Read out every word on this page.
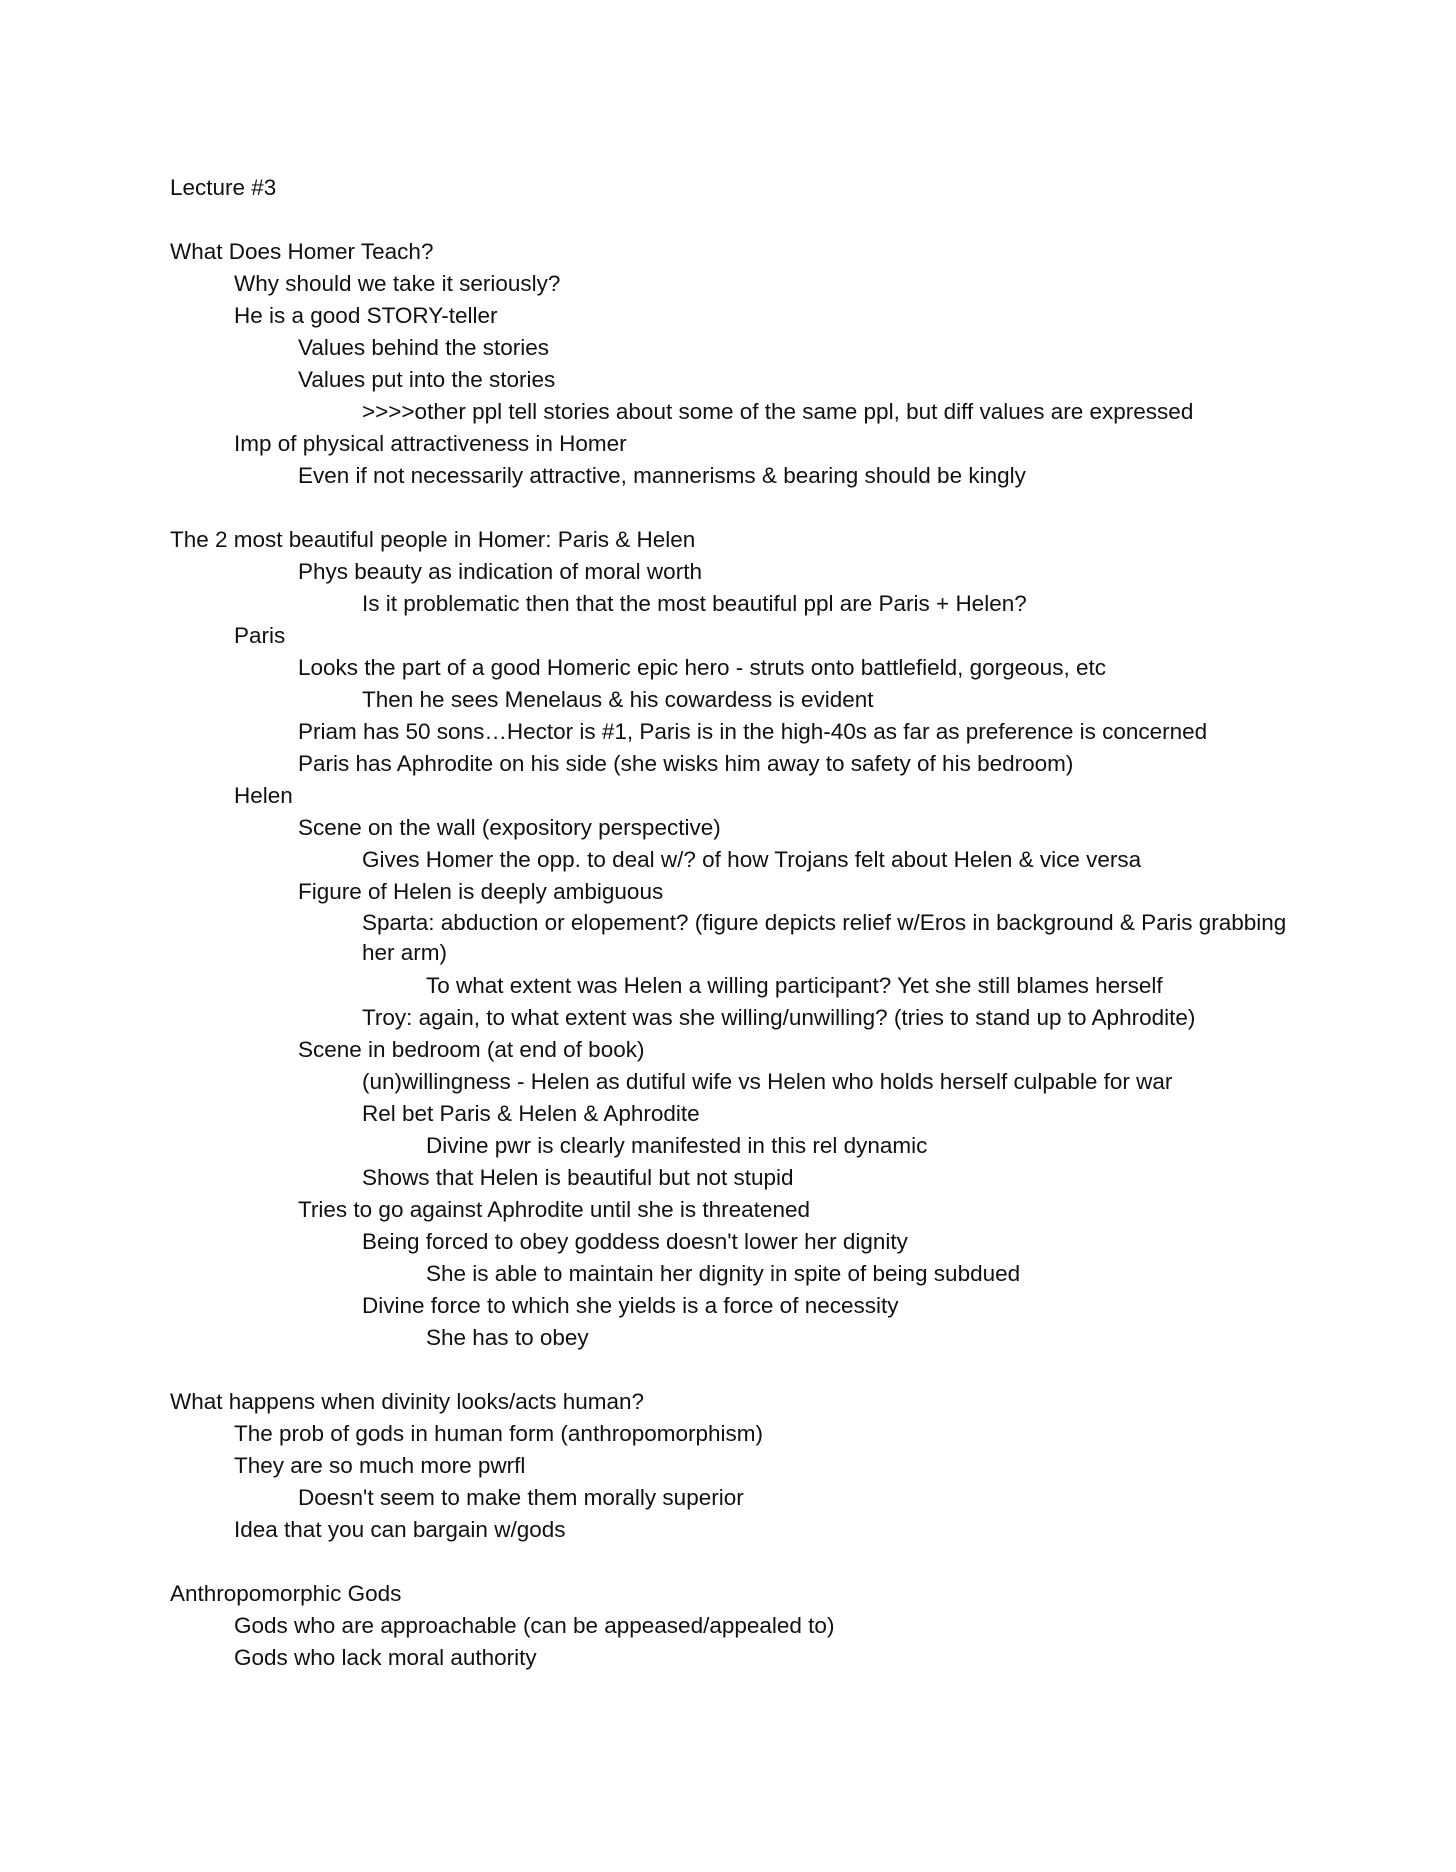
Lecture #3
What Does Homer Teach?
Why should we take it seriously?
He is a good STORY-teller
Values behind the stories
Values put into the stories
>>>>other ppl tell stories about some of the same ppl, but diff values are expressed
Imp of physical attractiveness in Homer
Even if not necessarily attractive, mannerisms & bearing should be kingly
The 2 most beautiful people in Homer: Paris & Helen
Phys beauty as indication of moral worth
Is it problematic then that the most beautiful ppl are Paris + Helen?
Paris
Looks the part of a good Homeric epic hero - struts onto battlefield, gorgeous, etc
Then he sees Menelaus & his cowardess is evident
Priam has 50 sons…Hector is #1, Paris is in the high-40s as far as preference is concerned
Paris has Aphrodite on his side (she wisks him away to safety of his bedroom)
Helen
Scene on the wall (expository perspective)
Gives Homer the opp. to deal w/? of how Trojans felt about Helen & vice versa
Figure of Helen is deeply ambiguous
Sparta: abduction or elopement? (figure depicts relief w/Eros in background & Paris grabbing her arm)
To what extent was Helen a willing participant? Yet she still blames herself
Troy: again, to what extent was she willing/unwilling? (tries to stand up to Aphrodite)
Scene in bedroom (at end of book)
(un)willingness - Helen as dutiful wife vs Helen who holds herself culpable for war
Rel bet Paris & Helen & Aphrodite
Divine pwr is clearly manifested in this rel dynamic
Shows that Helen is beautiful but not stupid
Tries to go against Aphrodite until she is threatened
Being forced to obey goddess doesn't lower her dignity
She is able to maintain her dignity in spite of being subdued
Divine force to which she yields is a force of necessity
She has to obey
What happens when divinity looks/acts human?
The prob of gods in human form (anthropomorphism)
They are so much more pwrfl
Doesn't seem to make them morally superior
Idea that you can bargain w/gods
Anthropomorphic Gods
Gods who are approachable (can be appeased/appealed to)
Gods who lack moral authority
